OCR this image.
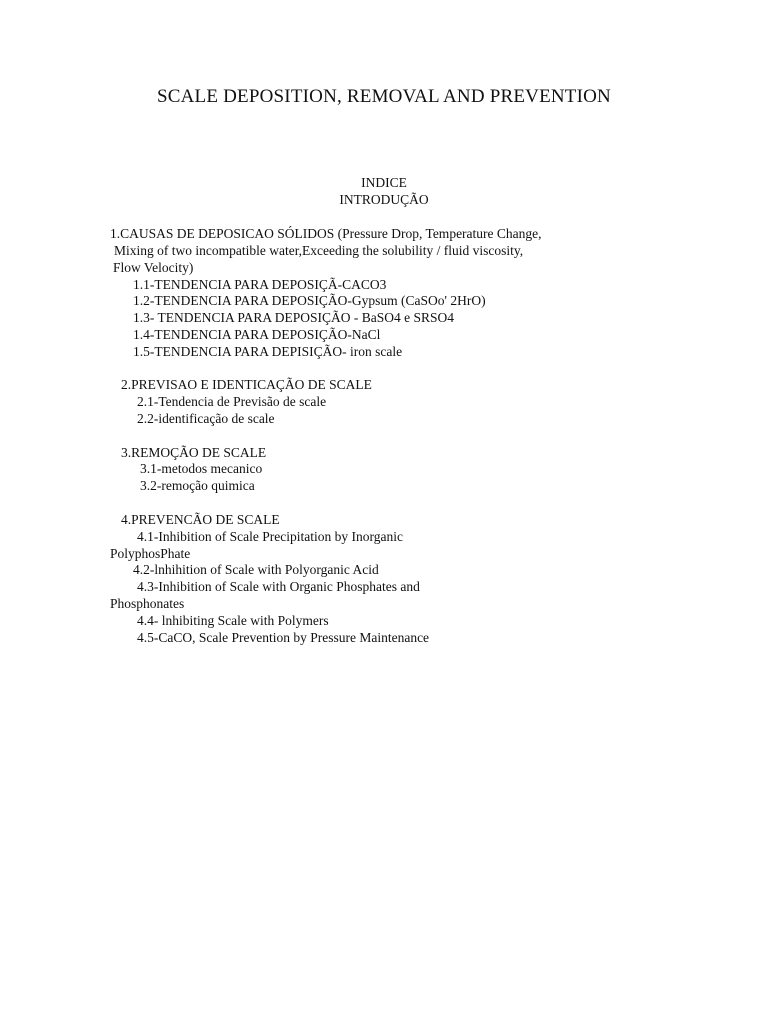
SCALE DEPOSITION, REMOVAL AND PREVENTION
INDICE
INTRODUÇÃO
1.CAUSAS DE DEPOSICAO SÓLIDOS (Pressure Drop, Temperature Change,
Mixing of two incompatible water,Exceeding the solubility / fluid viscosity,
Flow Velocity)
1.1-TENDENCIA PARA DEPOSIÇÃ-CACO3
1.2-TENDENCIA PARA DEPOSIÇÃO-Gypsum (CaSOo' 2HrO)
1.3- TENDENCIA PARA DEPOSIÇÃO - BaSO4 e SRSO4
1.4-TENDENCIA PARA DEPOSIÇÃO-NaCl
1.5-TENDENCIA PARA DEPISIÇÃO- iron scale
2.PREVISAO E IDENTICAÇÃO DE SCALE
2.1-Tendencia de Previsão de scale
2.2-identificação de scale
3.REMOÇÃO DE SCALE
3.1-metodos mecanico
3.2-remoção quimica
4.PREVENCÃO DE SCALE
4.1-Inhibition of Scale Precipitation by Inorganic
PolyphosPhate
4.2-lnhihition of Scale with Polyorganic Acid
4.3-Inhibition of Scale with Organic Phosphates and
Phosphonates
4.4- lnhibiting Scale with Polymers
4.5-CaCO, Scale Prevention by Pressure Maintenance
